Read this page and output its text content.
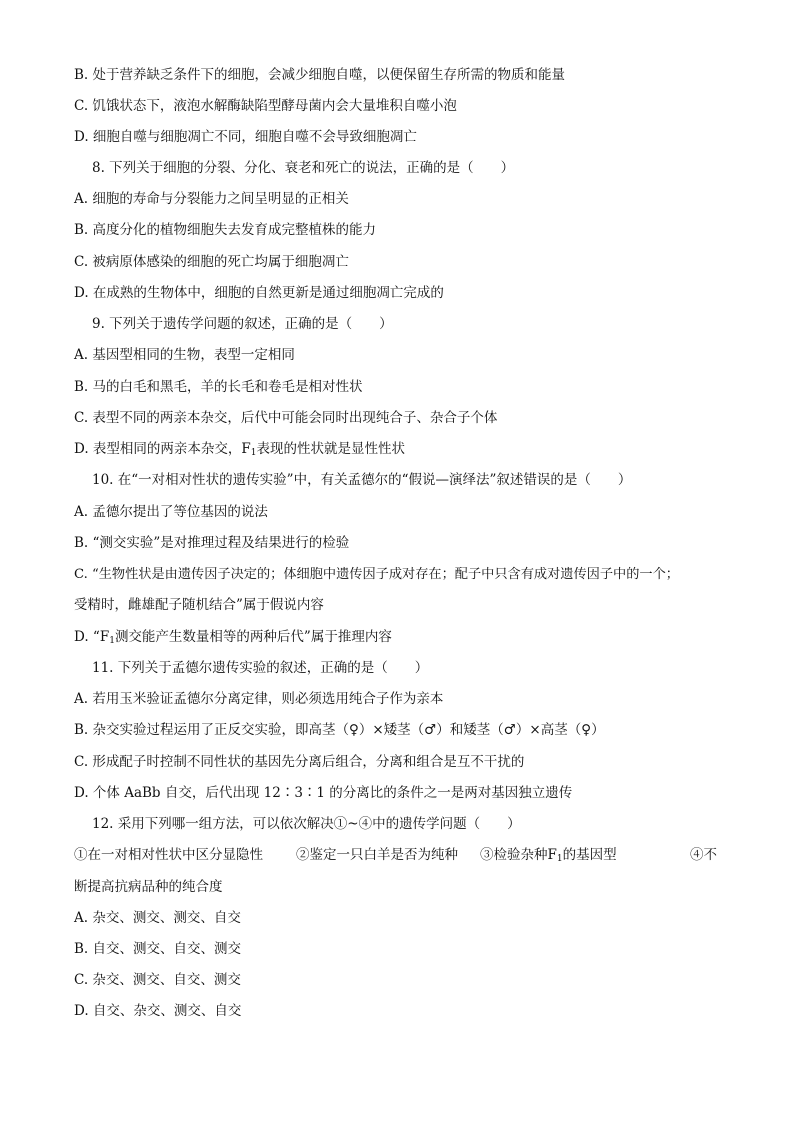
B. 处于营养缺乏条件下的细胞，会减少细胞自噬，以便保留生存所需的物质和能量
C. 饥饿状态下，液泡水解酶缺陷型酵母菌内会大量堆积自噬小泡
D. 细胞自噬与细胞凋亡不同，细胞自噬不会导致细胞凋亡
8. 下列关于细胞的分裂、分化、衰老和死亡的说法，正确的是（　　）
A. 细胞的寿命与分裂能力之间呈明显的正相关
B. 高度分化的植物细胞失去发育成完整植株的能力
C. 被病原体感染的细胞的死亡均属于细胞凋亡
D. 在成熟的生物体中，细胞的自然更新是通过细胞凋亡完成的
9. 下列关于遗传学问题的叙述，正确的是（　　）
A. 基因型相同的生物，表型一定相同
B. 马的白毛和黑毛，羊的长毛和卷毛是相对性状
C. 表型不同的两亲本杂交，后代中可能会同时出现纯合子、杂合子个体
D. 表型相同的两亲本杂交，$F_1$表现的性状就是显性性状
10. 在“一对相对性状的遗传实验”中，有关孟德尔的“假说—演绎法”叙述错误的是（　　）
A. 孟德尔提出了等位基因的说法
B. “测交实验”是对推理过程及结果进行的检验
C. “生物性状是由遗传因子决定的；体细胞中遗传因子成对存在；配子中只含有成对遗传因子中的一个；
受精时，雌雄配子随机结合”属于假说内容
D. “$F_1$测交能产生数量相等的两种后代”属于推理内容
11. 下列关于孟德尔遗传实验的叙述，正确的是（　　）
A. 若用玉米验证孟德尔分离定律，则必须选用纯合子作为亲本
B. 杂交实验过程运用了正反交实验，即高茎（♀）×矮茎（♂）和矮茎（♂）×高茎（♀）
C. 形成配子时控制不同性状的基因先分离后组合，分离和组合是互不干扰的
D. 个体 AaBb 自交，后代出现 12∶3∶1 的分离比的条件之一是两对基因独立遗传
12. 采用下列哪一组方法，可以依次解决①~④中的遗传学问题（　　）
①在一对相对性状中区分显隐性 ②鉴定一只白羊是否为纯种 ③检验杂种$F_1$的基因型	④不
断提高抗病品种的纯合度
A. 杂交、测交、测交、自交
B. 自交、测交、自交、测交
C. 杂交、测交、自交、测交
D. 自交、杂交、测交、自交
